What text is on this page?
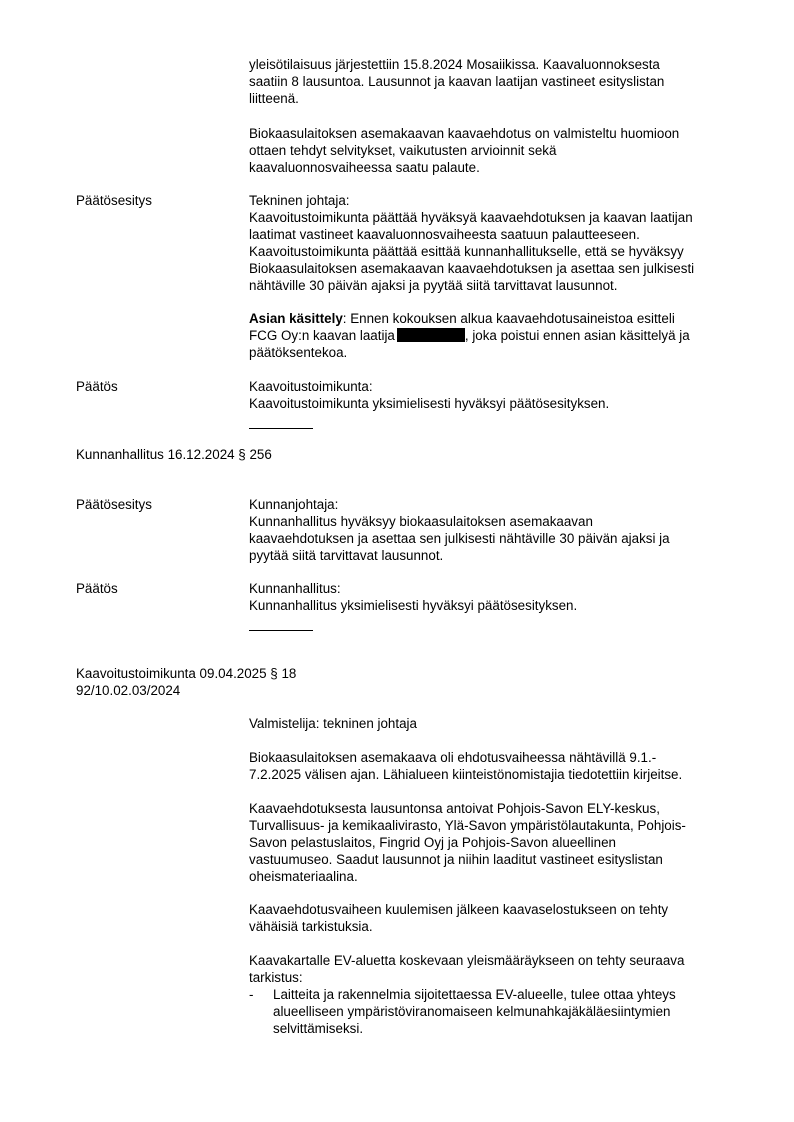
yleisötilaisuus järjestettiin 15.8.2024 Mosaiikissa. Kaavaluonnoksesta
saatiin 8 lausuntoa. Lausunnot ja kaavan laatijan vastineet esityslistan
liitteenä.
Biokaasulaitoksen asemakaavan kaavaehdotus on valmisteltu huomioon
ottaen tehdyt selvitykset, vaikutusten arvioinnit sekä
kaavaluonnosvaiheessa saatu palaute.
Päätösesitys	Tekninen johtaja:
Kaavoitustoimikunta päättää hyväksyä kaavaehdotuksen ja kaavan laatijan
laatimat vastineet kaavaluonnosvaiheesta saatuun palautteeseen.
Kaavoitustoimikunta päättää esittää kunnanhallitukselle, että se hyväksyy
Biokaasulaitoksen asemakaavan kaavaehdotuksen ja asettaa sen julkisesti
nähtäville 30 päivän ajaksi ja pyytää siitä tarvittavat lausunnot.
Asian käsittely: Ennen kokouksen alkua kaavaehdotusaineistoa esitteli
FCG Oy:n kaavan laatija	, joka poistui ennen asian käsittelyä ja
päätöksentekoa.
Päätös	Kaavoitustoimikunta:
Kaavoitustoimikunta yksimielisesti hyväksyi päätösesityksen.
Kunnanhallitus 16.12.2024 § 256
Päätösesitys	Kunnanjohtaja:
Kunnanhallitus hyväksyy biokaasulaitoksen asemakaavan
kaavaehdotuksen ja asettaa sen julkisesti nähtäville 30 päivän ajaksi ja
pyytää siitä tarvittavat lausunnot.
Päätös	Kunnanhallitus:
Kunnanhallitus yksimielisesti hyväksyi päätösesityksen.
Kaavoitustoimikunta 09.04.2025 § 18
92/10.02.03/2024
Valmistelija: tekninen johtaja
Biokaasulaitoksen asemakaava oli ehdotusvaiheessa nähtävillä 9.1.-
7.2.2025 välisen ajan. Lähialueen kiinteistönomistajia tiedotettiin kirjeitse.
Kaavaehdotuksesta lausuntonsa antoivat Pohjois-Savon ELY-keskus,
Turvallisuus- ja kemikaalivirasto, Ylä-Savon ympäristölautakunta, Pohjois-
Savon pelastuslaitos, Fingrid Oyj ja Pohjois-Savon alueellinen
vastuumuseo. Saadut lausunnot ja niihin laaditut vastineet esityslistan
oheismateriaalina.
Kaavaehdotusvaiheen kuulemisen jälkeen kaavaselostukseen on tehty
vähäisiä tarkistuksia.
Kaavakartalle EV-aluetta koskevaan yleismääräykseen on tehty seuraava
tarkistus:
- Laitteita ja rakennelmia sijoitettaessa EV-alueelle, tulee ottaa yhteys
alueelliseen ympäristöviranomaiseen kelmunahkajäkäläesiintymien
selvittämiseksi.
